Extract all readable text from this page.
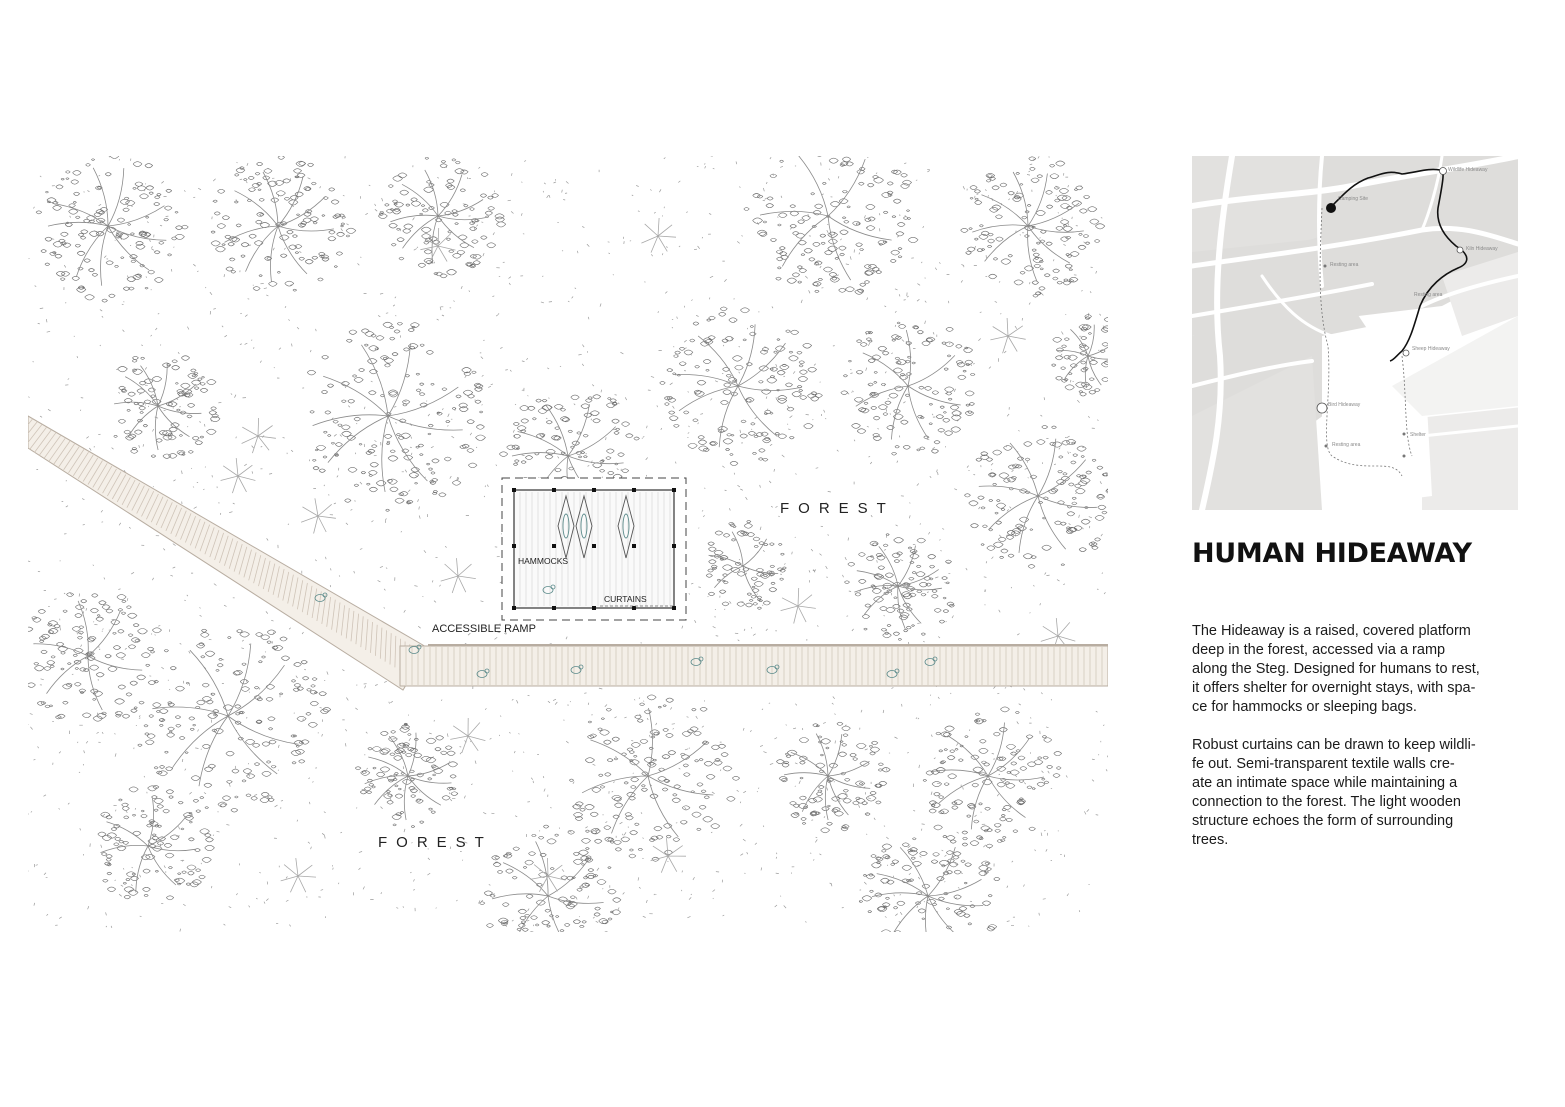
FOREST
FOREST
ACCESSIBLE RAMP
HAMMOCKS
CURTAINS
Wildlife Hideaway
Camping Site
Kiln Hideaway
Resting area
Resting area
Sheep Hideaway
Bird Hideaway
Shelter
Resting area
HUMAN HIDEAWAY
The Hideaway is a raised, covered platform
deep in the forest, accessed via a ramp
along the Steg. Designed for humans to rest,
it offers shelter for overnight stays, with spa-
ce for hammocks or sleeping bags.
Robust curtains can be drawn to keep wildli-
fe out. Semi-transparent textile walls cre-
ate an intimate space while maintaining a
connection to the forest. The light wooden
structure echoes the form of surrounding
trees.
